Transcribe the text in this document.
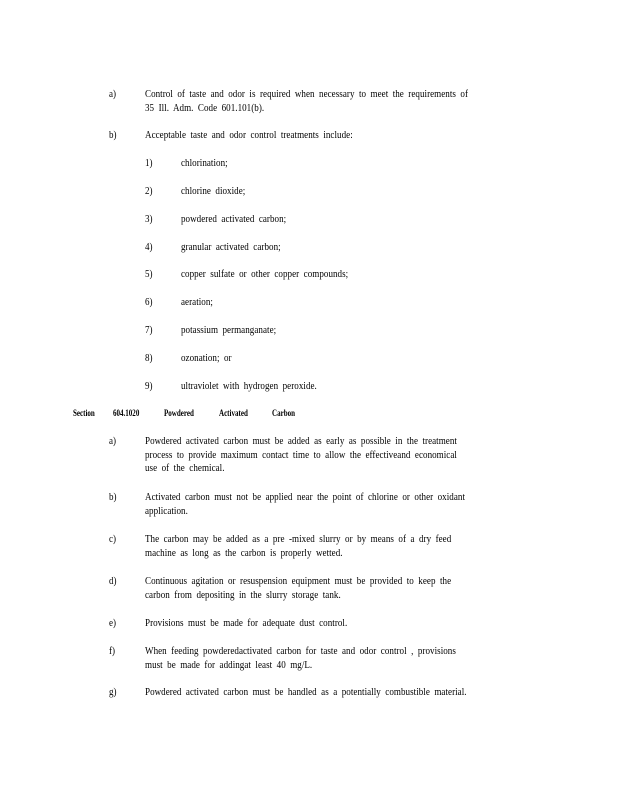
a)	Control of taste and odor is required when necessary to meet the requirements of
35 Ill. Adm. Code 601.101(b).
b)	Acceptable taste and odor control treatments include:
1)	chlorination;
2)	chlorine dioxide;
3)	powdered activated carbon;
4)	granular activated carbon;
5)	copper sulfate or other copper compounds;
6)	aeration;
7)	potassium permanganate;
8)	ozonation; or
9)	ultraviolet with hydrogen peroxide.
Section 604.1020	Powdered	Activated	Carbon
a)	Powdered activated carbon must be added as early as possible in the treatment
process to provide maximum contact time to allow the effectiveand economical
use of the chemical.
b)	Activated carbon must not be applied near the point of chlorine or other oxidant
application.
c)	The carbon may be added as a pre -mixed slurry or by means of a dry feed
machine as long as the carbon is properly wetted.
d)	Continuous agitation or resuspension equipment must be provided to keep the
carbon from depositing in the slurry storage tank.
e)	Provisions must be made for adequate dust control.
f)	When feeding powderedactivated carbon for taste and odor control , provisions
must be made for addingat least 40 mg/L.
g)	Powdered activated carbon must be handled as a potentially combustible material.
